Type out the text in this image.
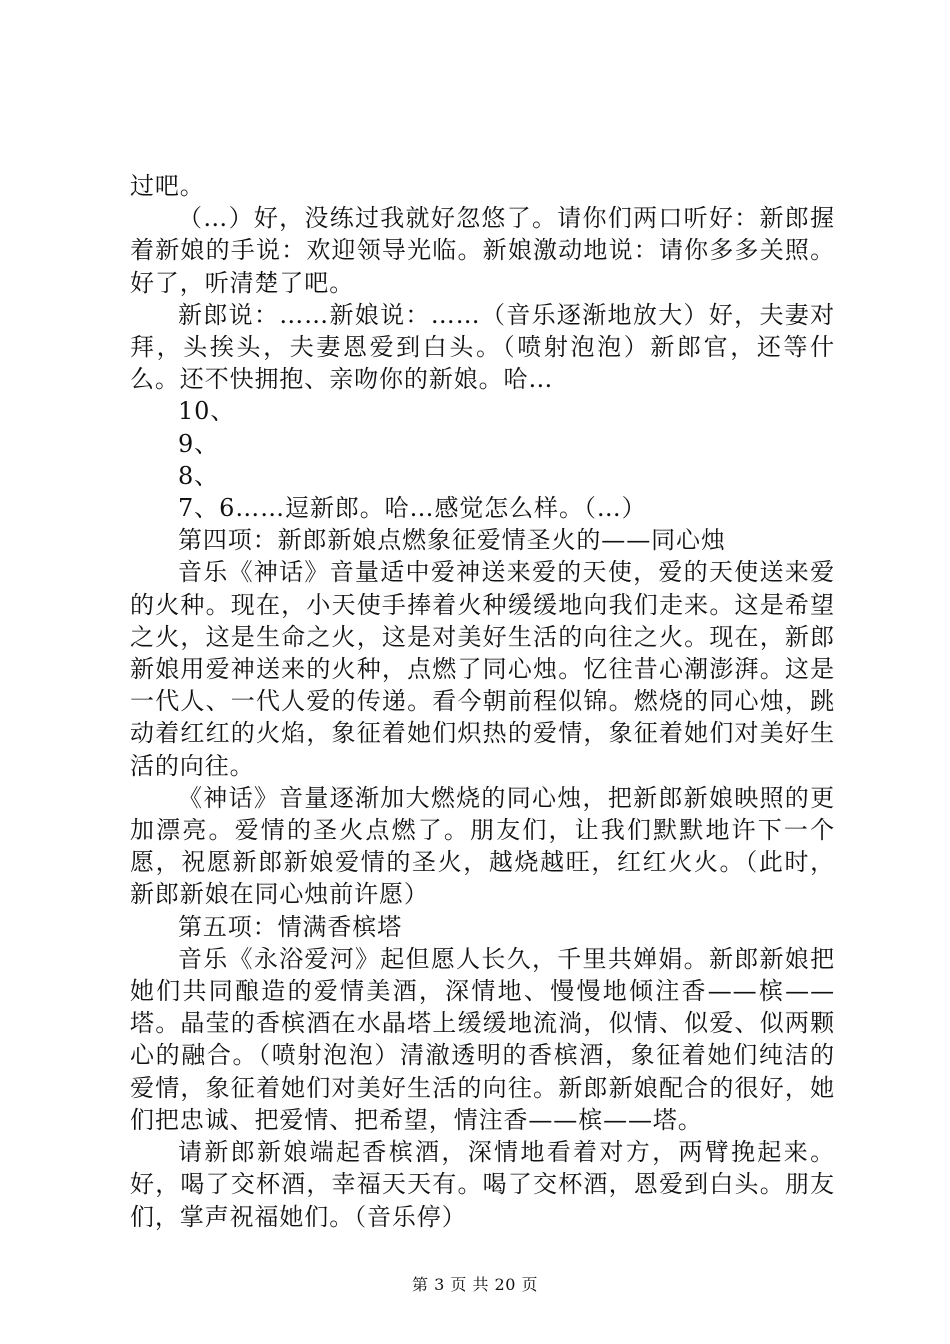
过吧。

（…）好，没练过我就好忽悠了。请你们两口听好：新郎握着新娘的手说：欢迎领导光临。新娘激动地说：请你多多关照。好了，听清楚了吧。

新郎说：……新娘说：……（音乐逐渐地放大）好，夫妻对拜，头挨头，夫妻恩爱到白头。（喷射泡泡）新郎官，还等什么。还不快拥抱、亲吻你的新娘。哈…

10、

9、

8、

7、6……逗新郎。哈…感觉怎么样。（…）

第四项：新郎新娘点燃象征爱情圣火的——同心烛

音乐《神话》音量适中爱神送来爱的天使，爱的天使送来爱的火种。现在，小天使手捧着火种缓缓地向我们走来。这是希望之火，这是生命之火，这是对美好生活的向往之火。现在，新郎新娘用爱神送来的火种，点燃了同心烛。忆往昔心潮澎湃。这是一代人、一代人爱的传递。看今朝前程似锦。燃烧的同心烛，跳动着红红的火焰，象征着她们炽热的爱情，象征着她们对美好生活的向往。

《神话》音量逐渐加大燃烧的同心烛，把新郎新娘映照的更加漂亮。爱情的圣火点燃了。朋友们，让我们默默地许下一个愿，祝愿新郎新娘爱情的圣火，越烧越旺，红红火火。（此时，新郎新娘在同心烛前许愿）

第五项：情满香槟塔

音乐《永浴爱河》起但愿人长久，千里共婵娟。新郎新娘把她们共同酿造的爱情美酒，深情地、慢慢地倾注香——槟——塔。晶莹的香槟酒在水晶塔上缓缓地流淌，似情、似爱、似两颗心的融合。（喷射泡泡）清澈透明的香槟酒，象征着她们纯洁的爱情，象征着她们对美好生活的向往。新郎新娘配合的很好，她们把忠诚、把爱情、把希望，情注香——槟——塔。

请新郎新娘端起香槟酒，深情地看着对方，两臂挽起来。好，喝了交杯酒，幸福天天有。喝了交杯酒，恩爱到白头。朋友们，掌声祝福她们。（音乐停）

第 3 页 共 20 页
